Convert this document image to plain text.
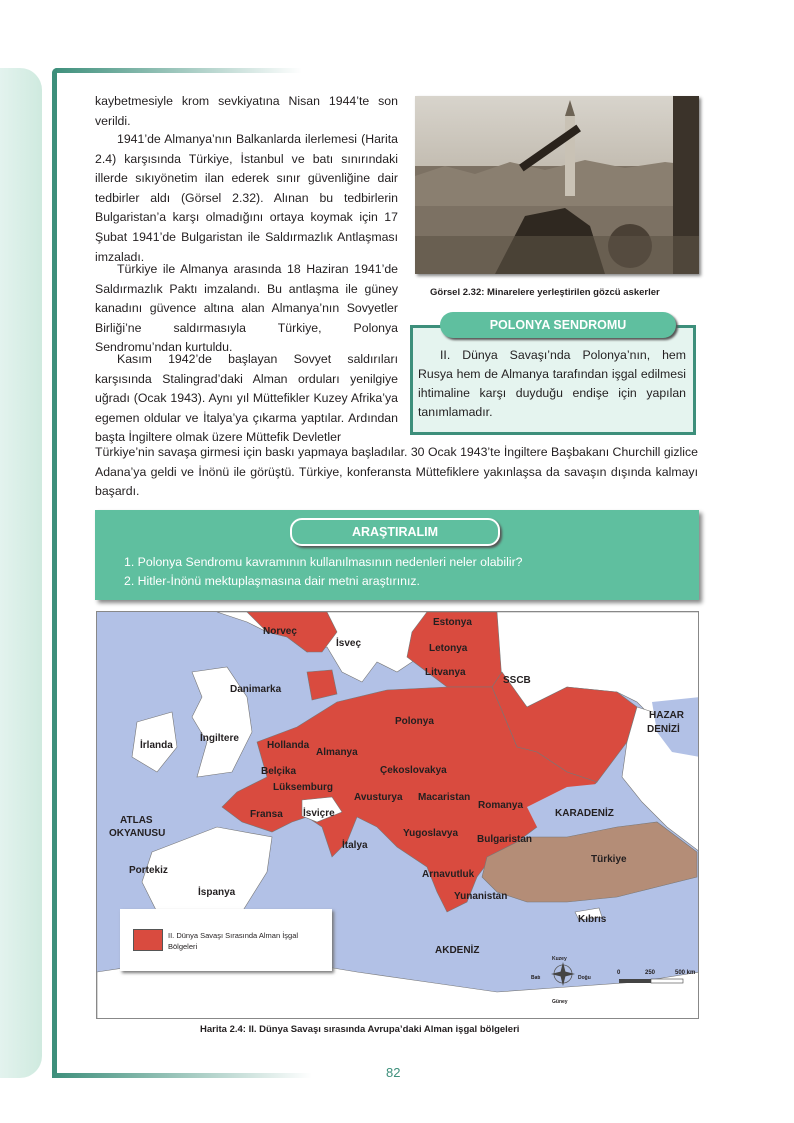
kaybetmesiyle krom sevkiyatına Nisan 1944’te son verildi.

1941’de Almanya’nın Balkanlarda ilerlemesi (Harita 2.4) karşısında Türkiye, İstanbul ve batı sınırındaki illerde sıkıyönetim ilan ederek sınır güvenliğine dair tedbirler aldı (Görsel 2.32). Alınan bu tedbirlerin Bulgaristan’a karşı olmadığını ortaya koymak için 17 Şubat 1941’de Bulgaristan ile Saldırmazlık Antlaşması imzaladı.

Türkiye ile Almanya arasında 18 Haziran 1941’de Saldırmazlık Paktı imzalandı. Bu antlaşma ile güney kanadını güvence altına alan Almanya’nın Sovyetler Birliği’ne saldırmasıyla Türkiye, Polonya Sendromu’ndan kurtuldu.

Kasım 1942’de başlayan Sovyet saldırıları karşısında Stalingrad’daki Alman orduları yenilgiye uğradı (Ocak 1943). Aynı yıl Müttefikler Kuzey Afrika’ya egemen oldular ve İtalya’ya çıkarma yaptılar. Ardından başta İngiltere olmak üzere Müttefik Devletler

Türkiye’nin savaşa girmesi için baskı yapmaya başladılar. 30 Ocak 1943’te İngiltere Başbakanı Churchill gizlice Adana’ya geldi ve İnönü ile görüştü. Türkiye, konferansta Müttefiklere yakınlaşsa da savaşın dışında kalmayı başardı.

Görsel 2.32: Minarelere yerleştirilen gözcü askerler
POLONYA SENDROMU

II. Dünya Savaşı’nda Polonya’nın, hem Rusya hem de Almanya tarafından işgal edilmesi ihtimaline karşı duyduğu endişe için yapılan tanımlamadır.

ARAŞTIRALIM
1. Polonya Sendromu kavramının kullanılmasının nedenleri neler olabilir?
2. Hitler-İnönü mektuplaşmasına dair metni araştırınız.
Norveç
İsveç
Estonya
Letonya
Litvanya
SSCB
Danimarka
Polonya
HAZAR
DENİZİ
İrlanda
İngiltere
Hollanda
Almanya
Belçika	Çekoslovakya
Lüksemburg
Avusturya Macaristan
Romanya
ATLAS
OKYANUSU
Fransa İsviçre	KARADENİZ
Yugoslavya
Bulgaristan
İtalya
Türkiye
Arnavutluk
Portekiz
İspanya	Yunanistan
Kıbrıs
AKDENİZ
Kuzey
Batı	Doğu
Güney
0	250	500 km
II. Dünya Savaşı Sırasında Alman İşgal Bölgeleri
Harita 2.4: II. Dünya Savaşı sırasında Avrupa’daki Alman işgal bölgeleri
82
